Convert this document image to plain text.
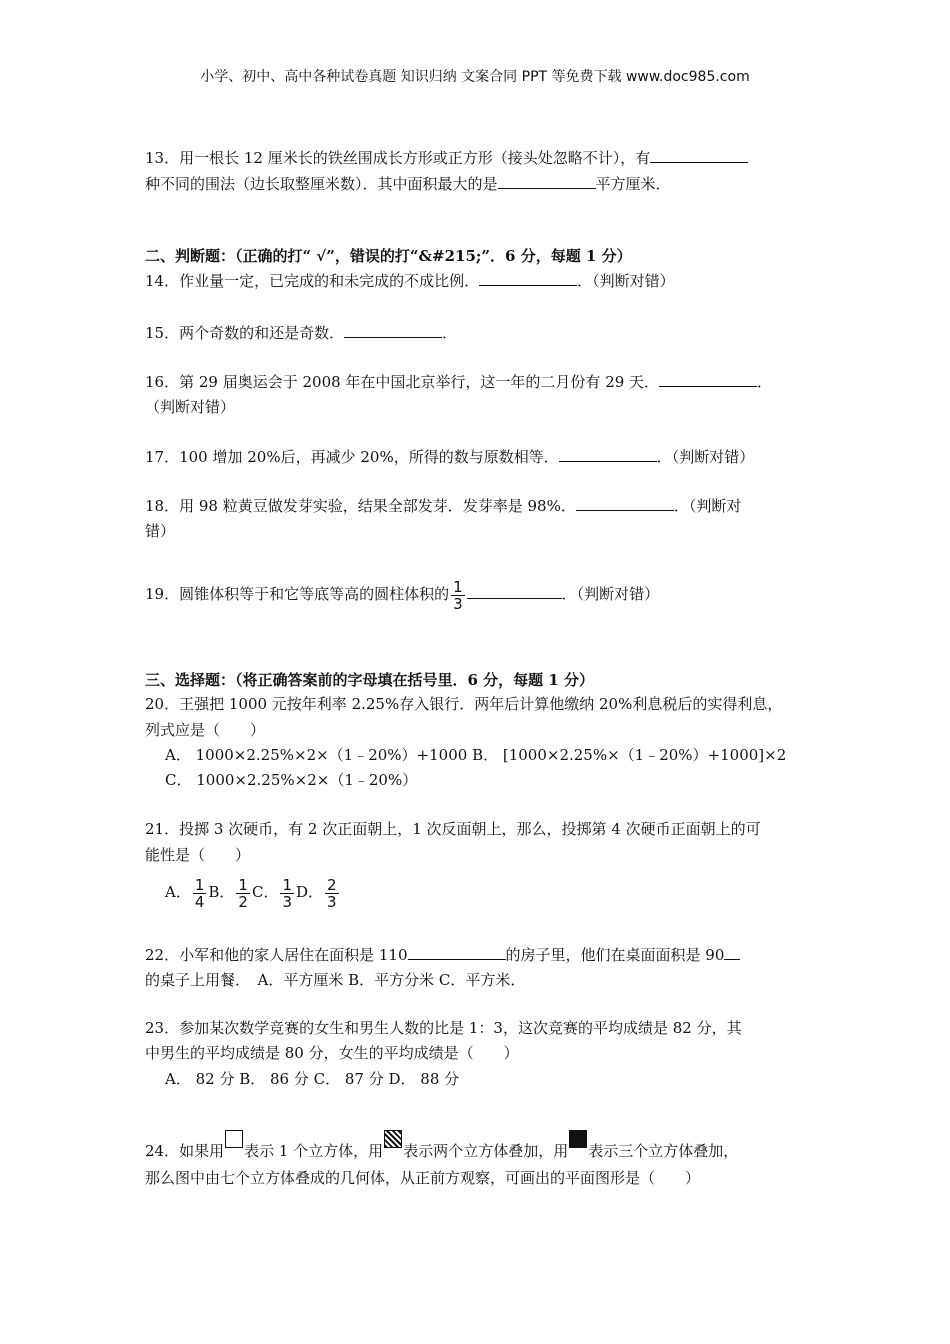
小学、初中、高中各种试卷真题 知识归纳 文案合同 PPT 等免费下载 www.doc985.com
13．用一根长 12 厘米长的铁丝围成长方形或正方形（接头处忽略不计），有
种不同的围法（边长取整厘米数）．其中面积最大的是	平方厘米．
二、判断题：（正确的打“ √”，错误的打“&#215;”．6 分，每题 1 分）
14．作业量一定，已完成的和未完成的不成比例．	．（判断对错）
15．两个奇数的和还是奇数．	．
16．第 29 届奥运会于 2008 年在中国北京举行，这一年的二月份有 29 天．	．
（判断对错）
17．100 增加 20%后，再减少 20%，所得的数与原数相等．	．（判断对错）
18．用 98 粒黄豆做发芽实验，结果全部发芽．发芽率是 98%．	．（判断对
错）
19．圆锥体积等于和它等底等高的圆柱体积的 $\frac{1}{3}$	．（判断对错）
三、选择题：（将正确答案前的字母填在括号里．6 分，每题 1 分）
20．王强把 1000 元按年利率 2.25%存入银行．两年后计算他缴纳 20%利息税后的实得利息，
列式应是（　　）
A． 1000×2.25%×2×（1﹣20%）+1000 B． [1000×2.25%×（1﹣20%）+1000]×2
C． 1000×2.25%×2×（1﹣20%）
21．投掷 3 次硬币，有 2 次正面朝上，1 次反面朝上，那么，投掷第 4 次硬币正面朝上的可
能性是（　　）
A． $\frac{1}{4}$ B． $\frac{1}{2}$ C． $\frac{1}{3}$ D． $\frac{2}{3}$
22．小军和他的家人居住在面积是 110	的房子里，他们在桌面面积是 90
的桌子上用餐．　A．平方厘米 B．平方分米 C．平方米．
23．参加某次数学竞赛的女生和男生人数的比是 1：3，这次竞赛的平均成绩是 82 分，其
中男生的平均成绩是 80 分，女生的平均成绩是（　　）
A． 82 分 B． 86 分 C． 87 分 D． 88 分
24．如果用 表示 1 个立方体，用 表示两个立方体叠加，用 表示三个立方体叠加，
那么图中由七个立方体叠成的几何体，从正前方观察，可画出的平面图形是（　　）
